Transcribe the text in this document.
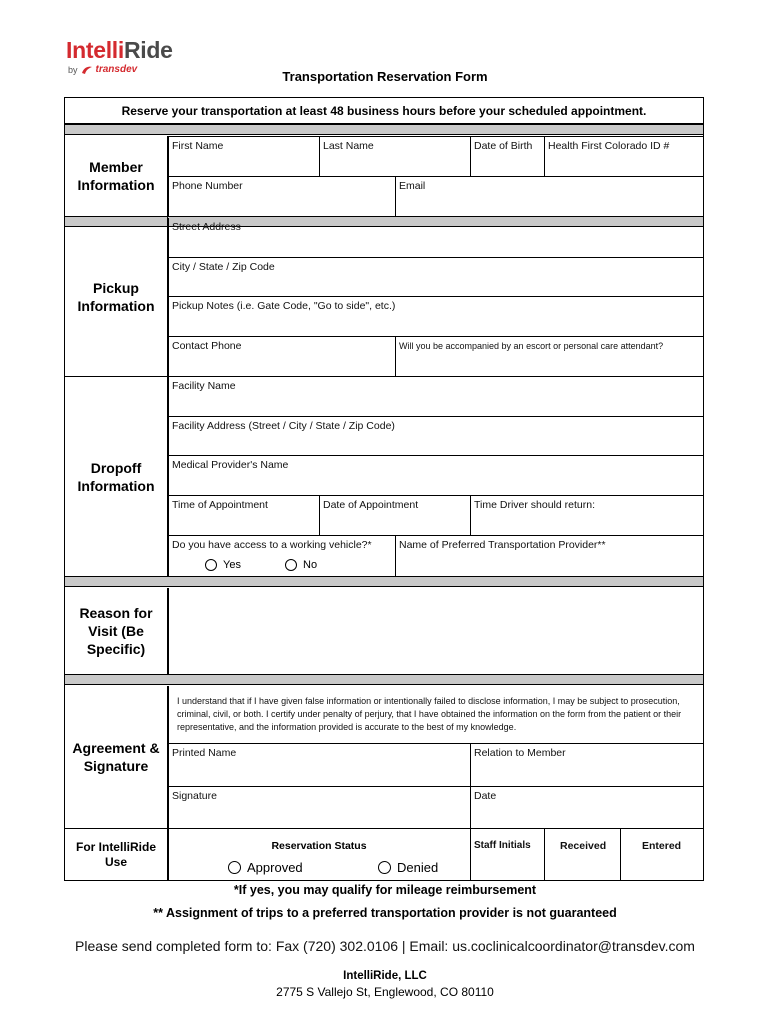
IntelliRide
by transdev	Transportation Reservation Form
Reserve your transportation at least 48 business hours before your scheduled appointment.
Member Information
First Name	Last Name	Date of Birth	Health First Colorado ID #
Phone Number	Email
Pickup Information
Street Address
City / State / Zip Code
Pickup Notes (i.e. Gate Code, "Go to side", etc.)
Contact Phone	Will you be accompanied by an escort or personal care attendant?
Dropoff Information
Facility Name
Facility Address (Street / City / State / Zip Code)
Medical Provider's Name
Time of Appointment	Date of Appointment	Time Driver should return:
Do you have access to a working vehicle?*	Name of Preferred Transportation Provider**
Yes	No
Reason for Visit (Be Specific)
Agreement & Signature
I understand that if I have given false information or intentionally failed to disclose information, I may be subject to prosecution, criminal, civil, or both. I certify under penalty of perjury, that I have obtained the information on the form from the patient or their representative, and the information provided is accurate to the best of my knowledge.
Printed Name	Relation to Member
Signature	Date
For IntelliRide Use
Reservation Status
Approved	Denied
Staff Initials	Received	Entered
*If yes, you may qualify for mileage reimbursement
** Assignment of trips to a preferred transportation provider is not guaranteed
Please send completed form to: Fax (720) 302.0106 | Email: us.coclinicalcoordinator@transdev.com
IntelliRide, LLC
2775 S Vallejo St, Englewood, CO 80110
